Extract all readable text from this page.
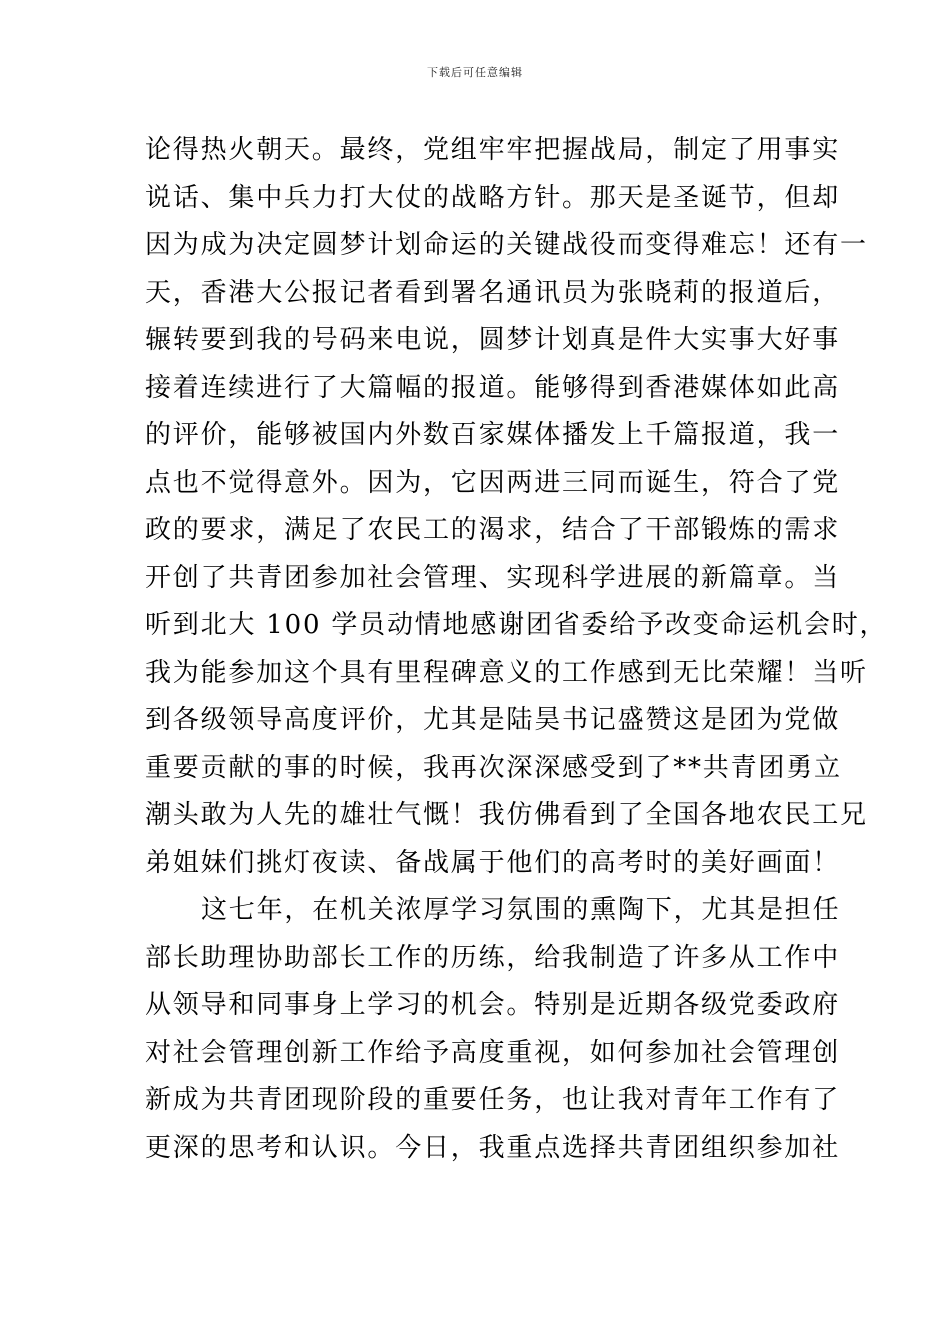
下载后可任意编辑
论得热火朝天。最终，党组牢牢把握战局，制定了用事实
说话、集中兵力打大仗的战略方针。那天是圣诞节，但却
因为成为决定圆梦计划命运的关键战役而变得难忘！还有一
天，香港大公报记者看到署名通讯员为张晓莉的报道后，
辗转要到我的号码来电说，圆梦计划真是件大实事大好事
接着连续进行了大篇幅的报道。能够得到香港媒体如此高
的评价，能够被国内外数百家媒体播发上千篇报道，我一
点也不觉得意外。因为，它因两进三同而诞生，符合了党
政的要求，满足了农民工的渴求，结合了干部锻炼的需求
开创了共青团参加社会管理、实现科学进展的新篇章。当
听到北大 100 学员动情地感谢团省委给予改变命运机会时，
我为能参加这个具有里程碑意义的工作感到无比荣耀！当听
到各级领导高度评价，尤其是陆昊书记盛赞这是团为党做
重要贡献的事的时候，我再次深深感受到了**共青团勇立
潮头敢为人先的雄壮气慨！我仿佛看到了全国各地农民工兄
弟姐妹们挑灯夜读、备战属于他们的高考时的美好画面！
这七年，在机关浓厚学习氛围的熏陶下，尤其是担任
部长助理协助部长工作的历练，给我制造了许多从工作中
从领导和同事身上学习的机会。特别是近期各级党委政府
对社会管理创新工作给予高度重视，如何参加社会管理创
新成为共青团现阶段的重要任务，也让我对青年工作有了
更深的思考和认识。今日，我重点选择共青团组织参加社
